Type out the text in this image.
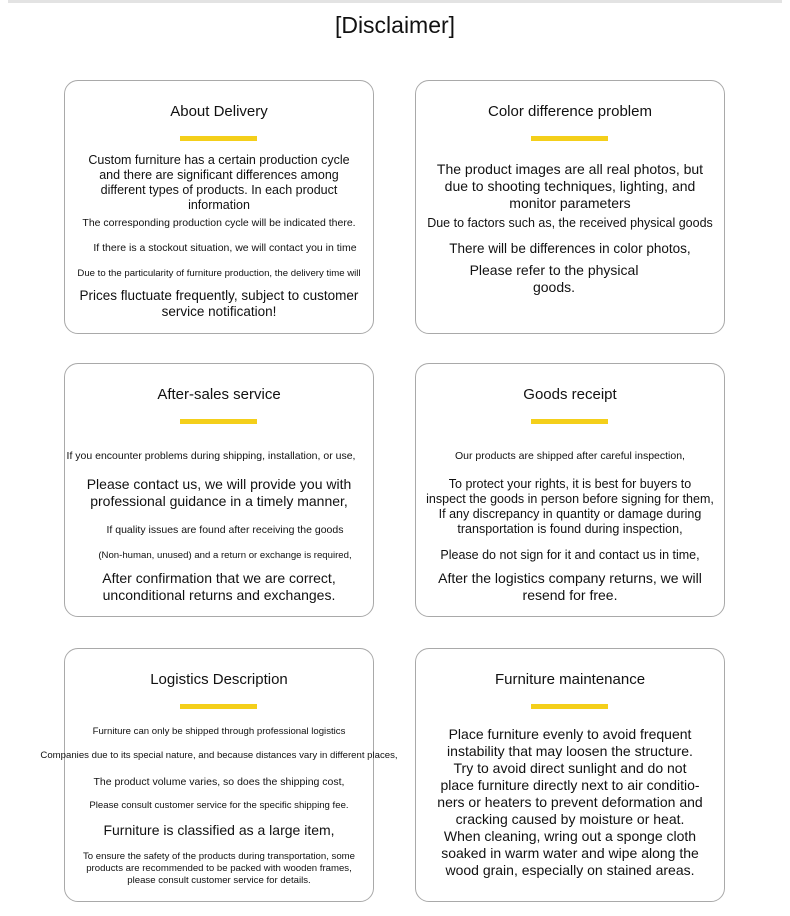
[Disclaimer]
About Delivery
Custom furniture has a certain production cycle
and there are significant differences among
different types of products. In each product
information
The corresponding production cycle will be indicated there.
If there is a stockout situation, we will contact you in time
Due to the particularity of furniture production, the delivery time will
Prices fluctuate frequently, subject to customer
service notification!
Color difference problem
The product images are all real photos, but
due to shooting techniques, lighting, and
monitor parameters
Due to factors such as, the received physical goods
There will be differences in color photos,
Please refer to the physical
goods.
After-sales service
If you encounter problems during shipping, installation, or use,
Please contact us, we will provide you with
professional guidance in a timely manner,
If quality issues are found after receiving the goods
(Non-human, unused) and a return or exchange is required,
After confirmation that we are correct,
unconditional returns and exchanges.
Goods receipt
Our products are shipped after careful inspection,
To protect your rights, it is best for buyers to
inspect the goods in person before signing for them,
If any discrepancy in quantity or damage during
transportation is found during inspection,
Please do not sign for it and contact us in time,
After the logistics company returns, we will
resend for free.
Logistics Description
Furniture can only be shipped through professional logistics
Companies due to its special nature, and because distances vary in different places,
The product volume varies, so does the shipping cost,
Please consult customer service for the specific shipping fee.
Furniture is classified as a large item,
To ensure the safety of the products during transportation, some
products are recommended to be packed with wooden frames,
please consult customer service for details.
Furniture maintenance
Place furniture evenly to avoid frequent
instability that may loosen the structure.
Try to avoid direct sunlight and do not
place furniture directly next to air conditio-
ners or heaters to prevent deformation and
cracking caused by moisture or heat.
When cleaning, wring out a sponge cloth
soaked in warm water and wipe along the
wood grain, especially on stained areas.
